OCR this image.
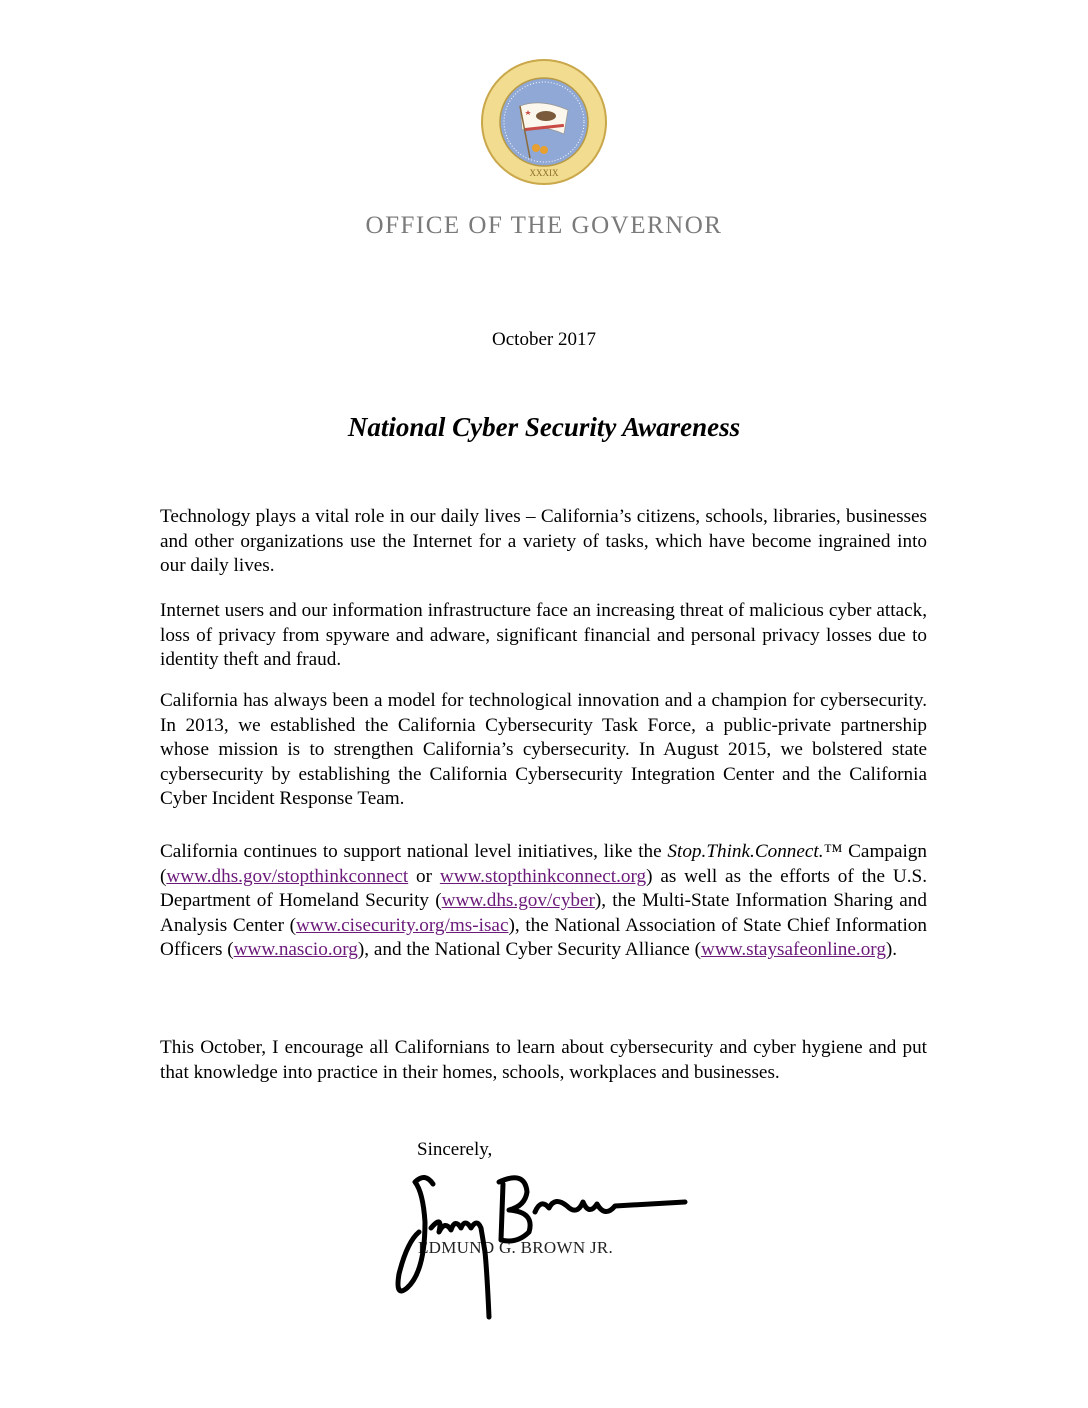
XXXIX
OFFICE OF THE GOVERNOR
October 2017
National Cyber Security Awareness
Technology plays a vital role in our daily lives – California’s citizens, schools, libraries, businesses and other organizations use the Internet for a variety of tasks, which have become ingrained into our daily lives.
Internet users and our information infrastructure face an increasing threat of malicious cyber attack, loss of privacy from spyware and adware, significant financial and personal privacy losses due to identity theft and fraud.
California has always been a model for technological innovation and a champion for cybersecurity. In 2013, we established the California Cybersecurity Task Force, a public-private partnership whose mission is to strengthen California’s cybersecurity. In August 2015, we bolstered state cybersecurity by establishing the California Cybersecurity Integration Center and the California Cyber Incident Response Team.
California continues to support national level initiatives, like the Stop.Think.Connect.™ Campaign (www.dhs.gov/stopthinkconnect or www.stopthinkconnect.org) as well as the efforts of the U.S. Department of Homeland Security (www.dhs.gov/cyber), the Multi-State Information Sharing and Analysis Center (www.cisecurity.org/ms-isac), the National Association of State Chief Information Officers (www.nascio.org), and the National Cyber Security Alliance (www.staysafeonline.org).
This October, I encourage all Californians to learn about cybersecurity and cyber hygiene and put that knowledge into practice in their homes, schools, workplaces and businesses.
Sincerely,
EDMUND G. BROWN JR.
